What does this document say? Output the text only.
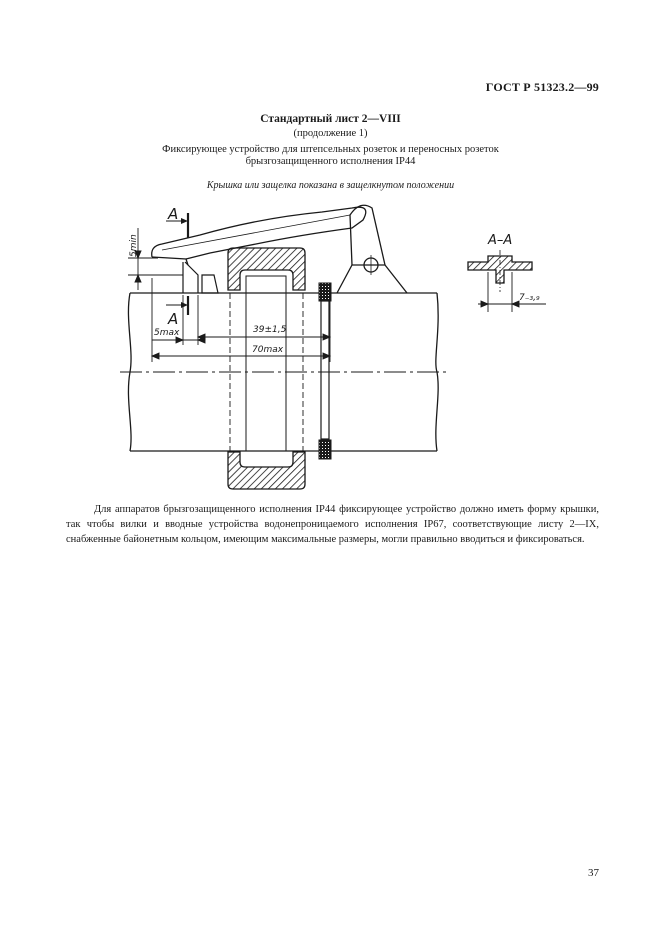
ГОСТ Р 51323.2—99
Стандартный лист 2—VIII
(продолжение 1)
Фиксирующее устройство для штепсельных розеток и переносных розеток
брызгозащищенного исполнения IP44
Крышка или защелка показана в защелкнутом положении
A
A
5min
5max	39±1,5
70max
A–A
7₋₃,₉

Для аппаратов брызгозащищенного исполнения IP44 фиксирующее устройство должно иметь форму крышки, так чтобы вилки и вводные устройства водонепроницаемого исполнения IP67, соответствующие листу 2—IX, снабженные байонетным кольцом, имеющим максимальные размеры, могли правильно вводиться и фиксироваться.

37
